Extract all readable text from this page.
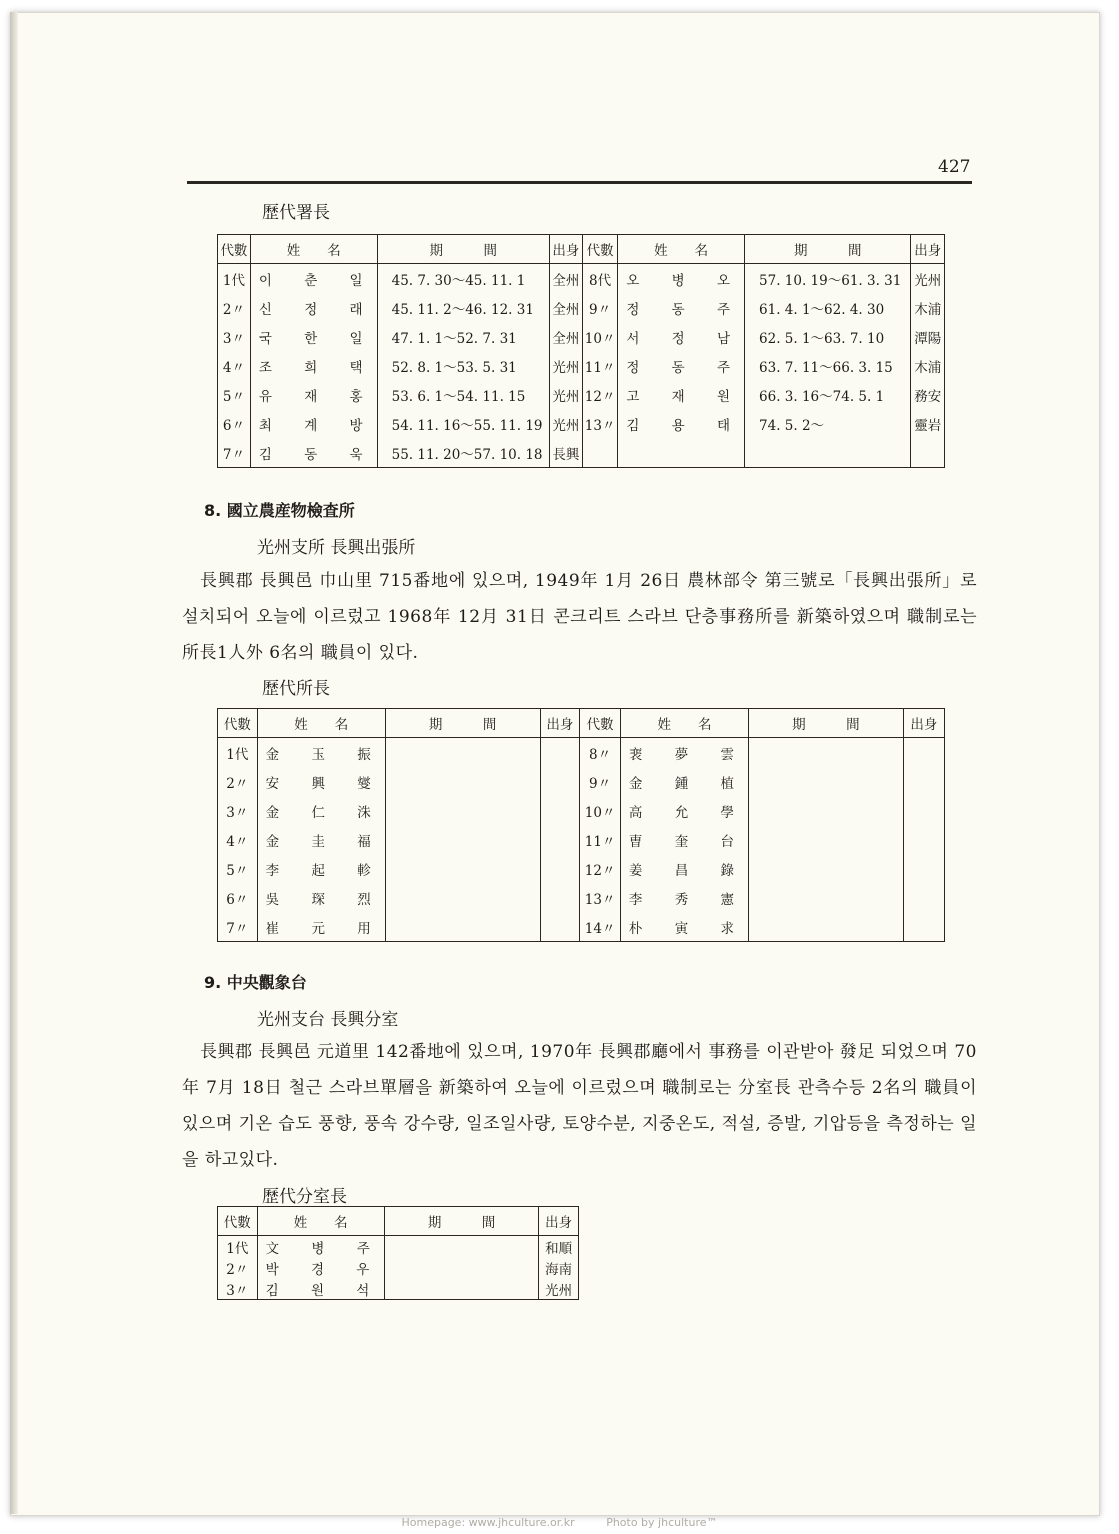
427
歷代署長
代數	姓　　名	期　　　間	出身	代數	姓　　名	期　　　間	出身
1代	이 춘 일	45. 7. 30～45. 11. 1	全州	8代	오 병 오	57. 10. 19～61. 3. 31	光州
2〃	신 정 래	45. 11. 2～46. 12. 31	全州	9〃	정 동 주	61. 4. 1～62. 4. 30	木浦
3〃	국 한 일	47. 1. 1～52. 7. 31	全州	10〃	서 정 남	62. 5. 1～63. 7. 10	潭陽
4〃	조 희 택	52. 8. 1～53. 5. 31	光州	11〃	정 동 주	63. 7. 11～66. 3. 15	木浦
5〃	유 재 홍	53. 6. 1～54. 11. 15	光州	12〃	고 재 원	66. 3. 16～74. 5. 1	務安
6〃	최 계 방	54. 11. 16～55. 11. 19	光州	13〃	김 용 태	74. 5. 2～	靈岩
7〃	김 동 욱	55. 11. 20～57. 10. 18	長興				
8. 國立農産物檢査所
光州支所 長興出張所

長興郡 長興邑 巾山里 715番地에 있으며, 1949年 1月 26日 農林部令 第三號로「長興出張所」로 설치되어 오늘에 이르렀고 1968年 12月 31日 콘크리트 스라브 단층事務所를 新築하였으며 職制로는 所長1人外 6名의 職員이 있다.

歷代所長
代數	姓　　名	期　　　間	出身	代數	姓　　名	期　　　間	出身
1代	金 玉 振			8〃	裵 夢 雲		
2〃	安 興 燮			9〃	金 鍾 植		
3〃	金 仁 洙			10〃	高 允 學		
4〃	金 圭 福			11〃	曺 奎 台		
5〃	李 起 軫			12〃	姜 昌 錄		
6〃	吳 琛 烈			13〃	李 秀 憲		
7〃	崔 元 用			14〃	朴 寅 求		
9. 中央觀象台
光州支台 長興分室

長興郡 長興邑 元道里 142番地에 있으며, 1970年 長興郡廳에서 事務를 이관받아 發足 되었으며 70年 7月 18日 철근 스라브單層을 新築하여 오늘에 이르렀으며 職制로는 分室長 관측수등 2名의 職員이 있으며 기온 습도 풍향, 풍속 강수량, 일조일사량, 토양수분, 지중온도, 적설, 증발, 기압등을 측정하는 일을 하고있다.

歷代分室長
代數	姓　　名	期　　　間	出身
1代	文 병 주		和順
2〃	박 경 우		海南
3〃	김 원 석		光州
Homepage: www.jhculture.or.kr	Photo by jhculture™
